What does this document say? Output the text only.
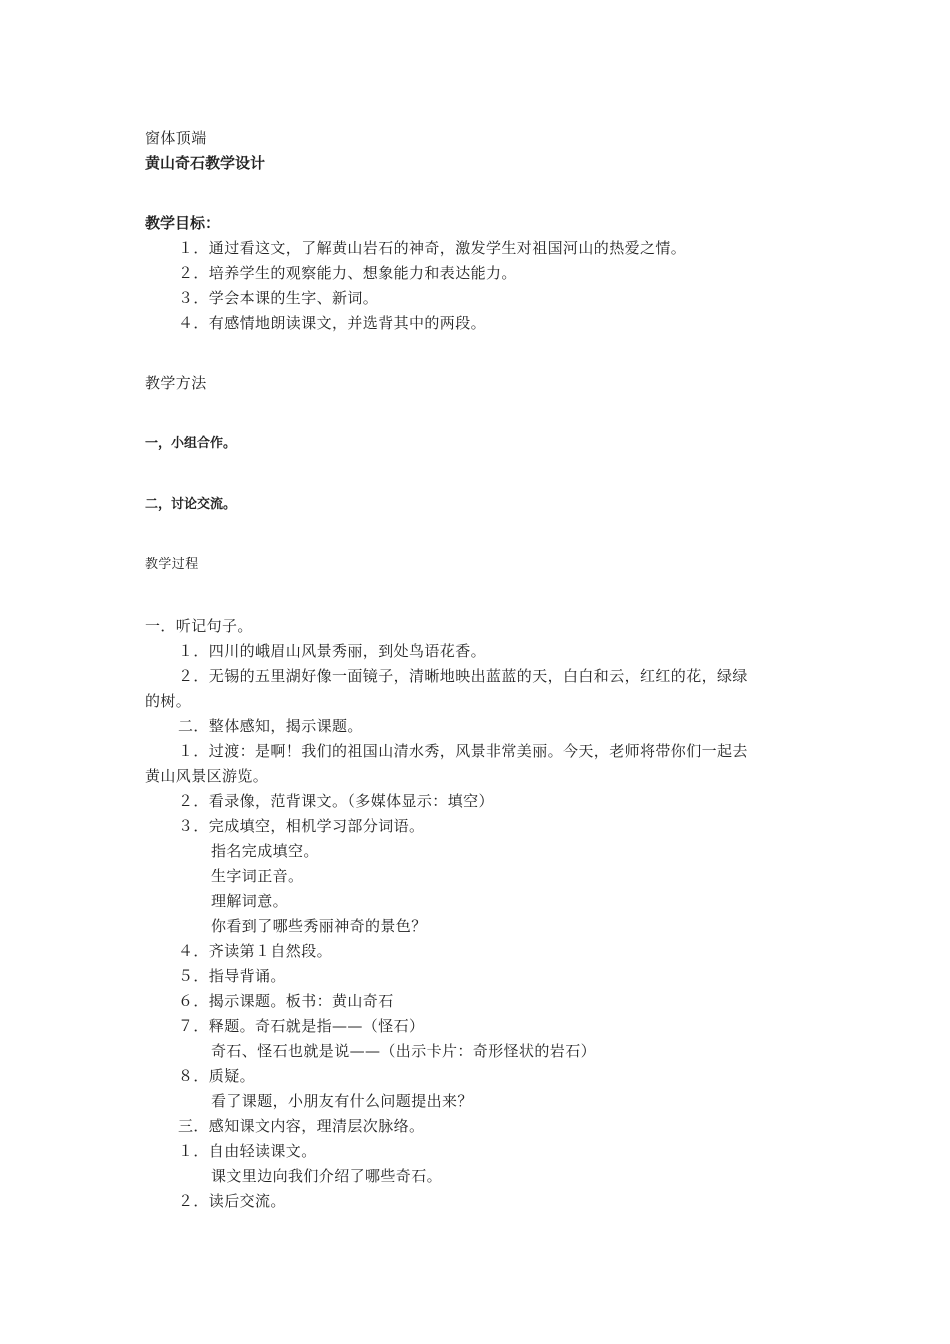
窗体顶端
黄山奇石教学设计
教学目标：
１．通过看这文，了解黄山岩石的神奇，激发学生对祖国河山的热爱之情。
２．培养学生的观察能力、想象能力和表达能力。
３．学会本课的生字、新词。
４．有感情地朗读课文，并选背其中的两段。
教学方法
一，小组合作。
二，讨论交流。
教学过程
一．听记句子。
１．四川的峨眉山风景秀丽，到处鸟语花香。
２．无锡的五里湖好像一面镜子，清晰地映出蓝蓝的天，白白和云，红红的花，绿绿
的树。
二．整体感知，揭示课题。
１．过渡：是啊！我们的祖国山清水秀，风景非常美丽。今天，老师将带你们一起去
黄山风景区游览。
２．看录像，范背课文。（多媒体显示：填空）
３．完成填空，相机学习部分词语。
指名完成填空。
生字词正音。
理解词意。
你看到了哪些秀丽神奇的景色？
４．齐读第１自然段。
５．指导背诵。
６．揭示课题。板书：黄山奇石
７．释题。奇石就是指——（怪石）
奇石、怪石也就是说——（出示卡片：奇形怪状的岩石）
８．质疑。
看了课题，小朋友有什么问题提出来？
三．感知课文内容，理清层次脉络。
１．自由轻读课文。
课文里边向我们介绍了哪些奇石。
２．读后交流。
